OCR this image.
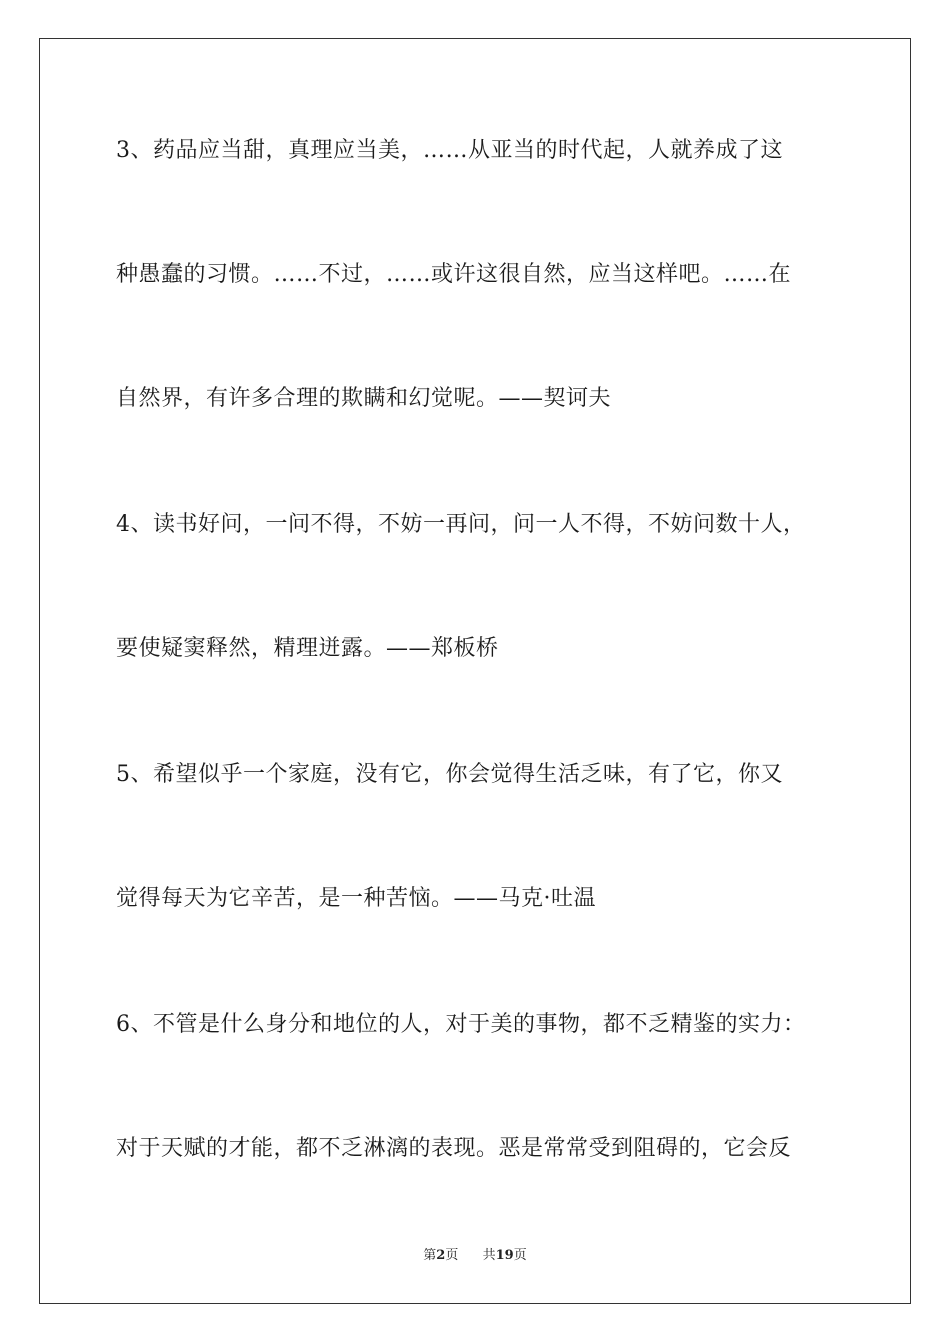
3、药品应当甜，真理应当美，……从亚当的时代起，人就养成了这
种愚蠢的习惯。……不过，……或许这很自然，应当这样吧。……在
自然界，有许多合理的欺瞒和幻觉呢。——契诃夫
4、读书好问，一问不得，不妨一再问，问一人不得，不妨问数十人，
要使疑窦释然，精理迸露。——郑板桥
5、希望似乎一个家庭，没有它，你会觉得生活乏味，有了它，你又
觉得每天为它辛苦，是一种苦恼。——马克·吐温
6、不管是什么身分和地位的人，对于美的事物，都不乏精鉴的实力：
对于天赋的才能，都不乏淋漓的表现。恶是常常受到阻碍的，它会反
第2页 共19页
